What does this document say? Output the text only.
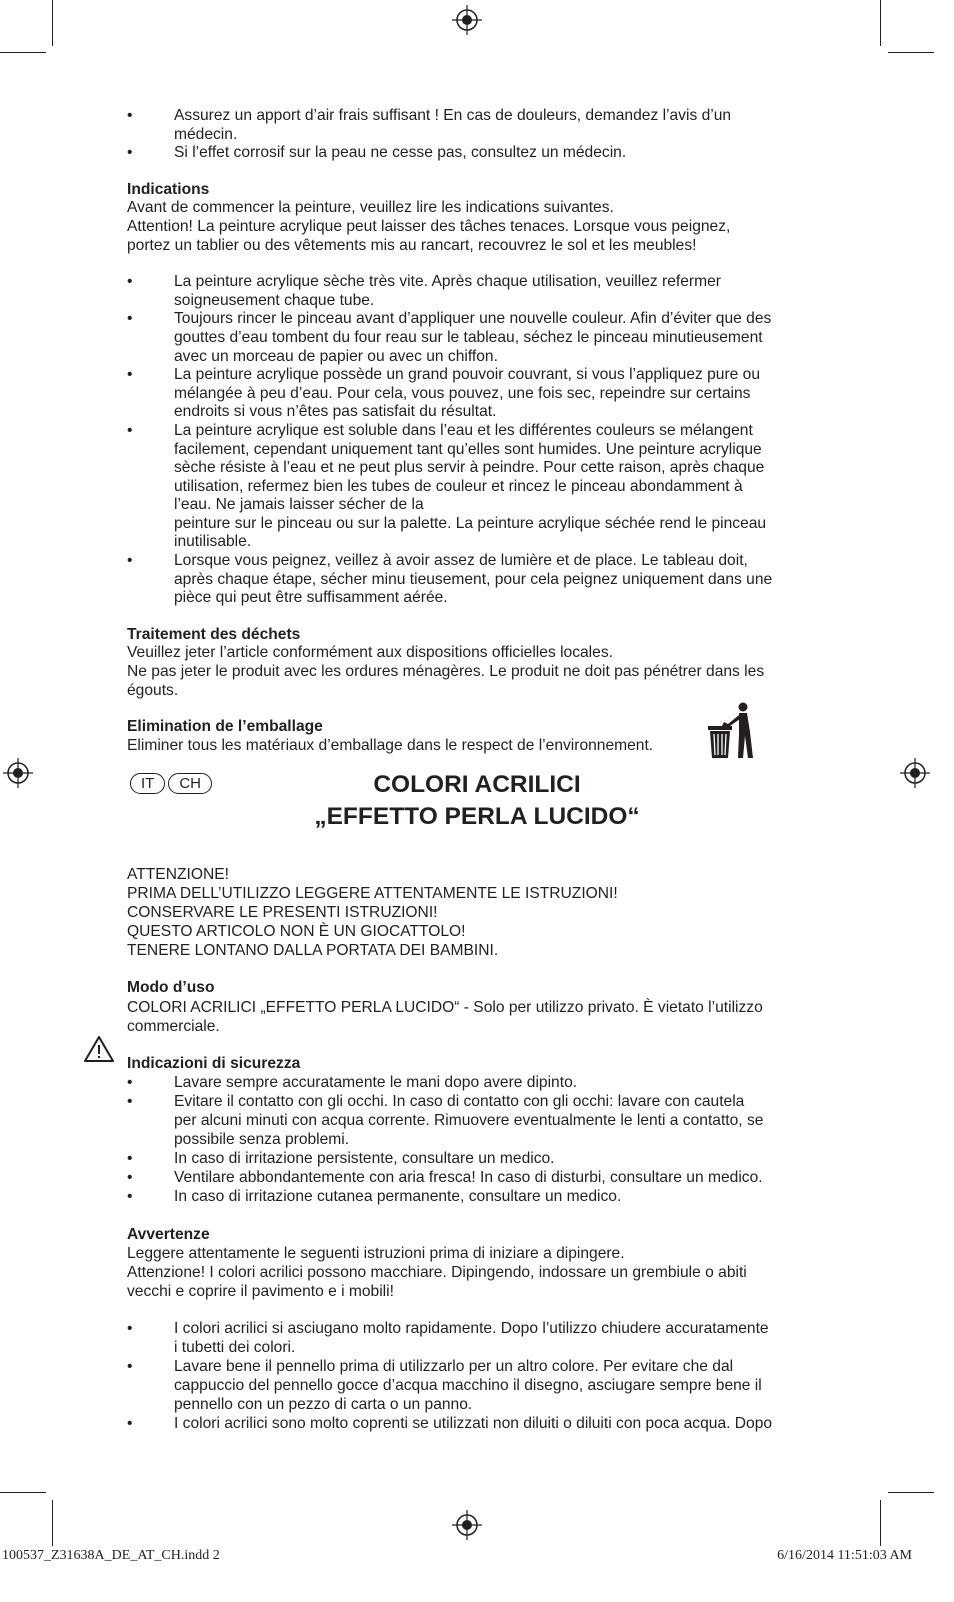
•	Assurez un apport d’air frais suffisant ! En cas de douleurs, demandez l’avis d’un
médecin.
•	Si l’effet corrosif sur la peau ne cesse pas, consultez un médecin.
Indications
Avant de commencer la peinture, veuillez lire les indications suivantes.
Attention! La peinture acrylique peut laisser des tâches tenaces. Lorsque vous peignez,
portez un tablier ou des vêtements mis au rancart, recouvrez le sol et les meubles!
•	La peinture acrylique sèche très vite. Après chaque utilisation, veuillez refermer
soigneusement chaque tube.
•	Toujours rincer le pinceau avant d’appliquer une nouvelle couleur. Afin d’éviter que des
gouttes d’eau tombent du four reau sur le tableau, séchez le pinceau minutieusement
avec un morceau de papier ou avec un chiffon.
•	La peinture acrylique possède un grand pouvoir couvrant, si vous l’appliquez pure ou
mélangée à peu d’eau. Pour cela, vous pouvez, une fois sec, repeindre sur certains
endroits si vous n’êtes pas satisfait du résultat.
•	La peinture acrylique est soluble dans l’eau et les différentes couleurs se mélangent
facilement, cependant uniquement tant qu’elles sont humides. Une peinture acrylique
sèche résiste à l’eau et ne peut plus servir à peindre. Pour cette raison, après chaque
utilisation, refermez bien les tubes de couleur et rincez le pinceau abondamment à
l’eau. Ne jamais laisser sécher de la
peinture sur le pinceau ou sur la palette. La peinture acrylique séchée rend le pinceau
inutilisable.
•	Lorsque vous peignez, veillez à avoir assez de lumière et de place. Le tableau doit,
après chaque étape, sécher minu tieusement, pour cela peignez uniquement dans une
pièce qui peut être suffisamment aérée.
Traitement des déchets
Veuillez jeter l’article conformément aux dispositions officielles locales.
Ne pas jeter le produit avec les ordures ménagères. Le produit ne doit pas pénétrer dans les
égouts.
Elimination de l’emballage
Eliminer tous les matériaux d’emballage dans le respect de l’environnement.
IT	CH	COLORI ACRILICI
„EFFETTO PERLA LUCIDO“
ATTENZIONE!
PRIMA DELL’UTILIZZO LEGGERE ATTENTAMENTE LE ISTRUZIONI!
CONSERVARE LE PRESENTI ISTRUZIONI!
QUESTO ARTICOLO NON È UN GIOCATTOLO!
TENERE LONTANO DALLA PORTATA DEI BAMBINI.
Modo d’uso
COLORI ACRILICI „EFFETTO PERLA LUCIDO“ - Solo per utilizzo privato. È vietato l’utilizzo
commerciale.
Indicazioni di sicurezza
•	Lavare sempre accuratamente le mani dopo avere dipinto.
•	Evitare il contatto con gli occhi. In caso di contatto con gli occhi: lavare con cautela
per alcuni minuti con acqua corrente. Rimuovere eventualmente le lenti a contatto, se
possibile senza problemi.
•	In caso di irritazione persistente, consultare un medico.
•	Ventilare abbondantemente con aria fresca! In caso di disturbi, consultare un medico.
•	In caso di irritazione cutanea permanente, consultare un medico.
Avvertenze
Leggere attentamente le seguenti istruzioni prima di iniziare a dipingere.
Attenzione! I colori acrilici possono macchiare. Dipingendo, indossare un grembiule o abiti
vecchi e coprire il pavimento e i mobili!
•	I colori acrilici si asciugano molto rapidamente. Dopo l’utilizzo chiudere accuratamente
i tubetti dei colori.
•	Lavare bene il pennello prima di utilizzarlo per un altro colore. Per evitare che dal
cappuccio del pennello gocce d’acqua macchino il disegno, asciugare sempre bene il
pennello con un pezzo di carta o un panno.
•	I colori acrilici sono molto coprenti se utilizzati non diluiti o diluiti con poca acqua. Dopo
100537_Z31638A_DE_AT_CH.indd 2	6/16/2014 11:51:03 AM
